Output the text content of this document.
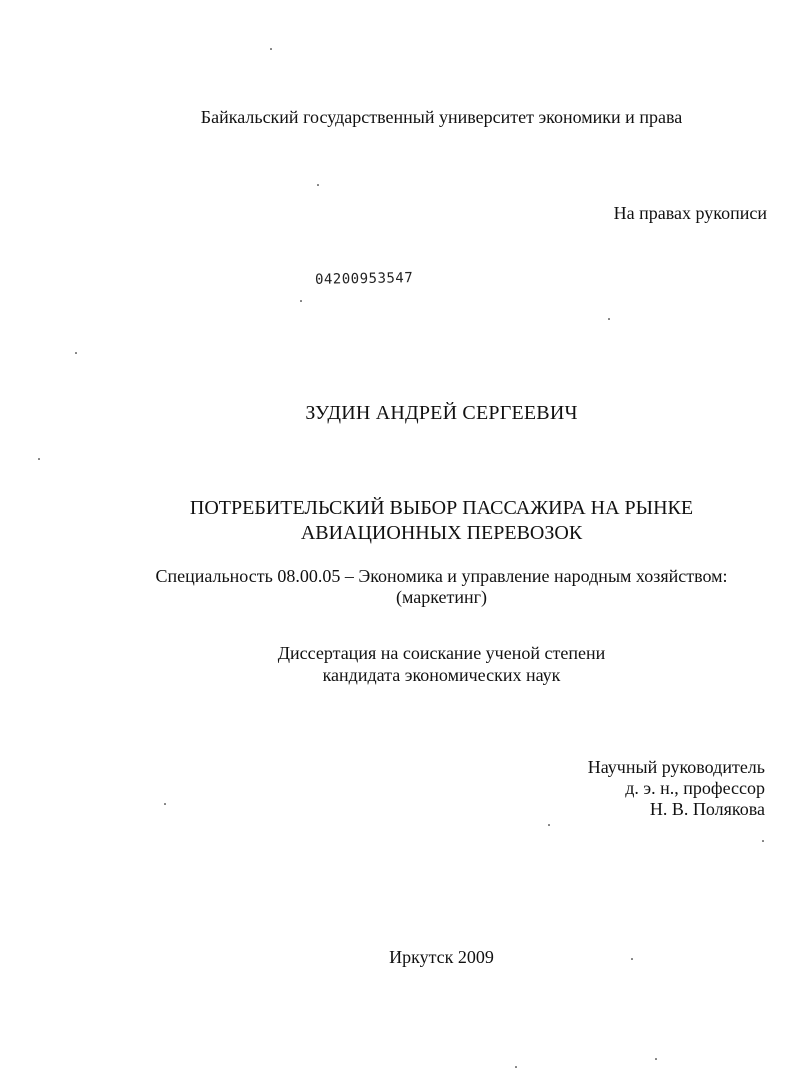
Байкальский государственный университет экономики и права
На правах рукописи
04200953547
ЗУДИН АНДРЕЙ СЕРГЕЕВИЧ
ПОТРЕБИТЕЛЬСКИЙ ВЫБОР ПАССАЖИРА НА РЫНКЕ
АВИАЦИОННЫХ ПЕРЕВОЗОК
Специальность 08.00.05 – Экономика и управление народным хозяйством:
(маркетинг)
Диссертация на соискание ученой степени
кандидата экономических наук
Научный руководитель
д. э. н., профессор
Н. В. Полякова
Иркутск 2009
